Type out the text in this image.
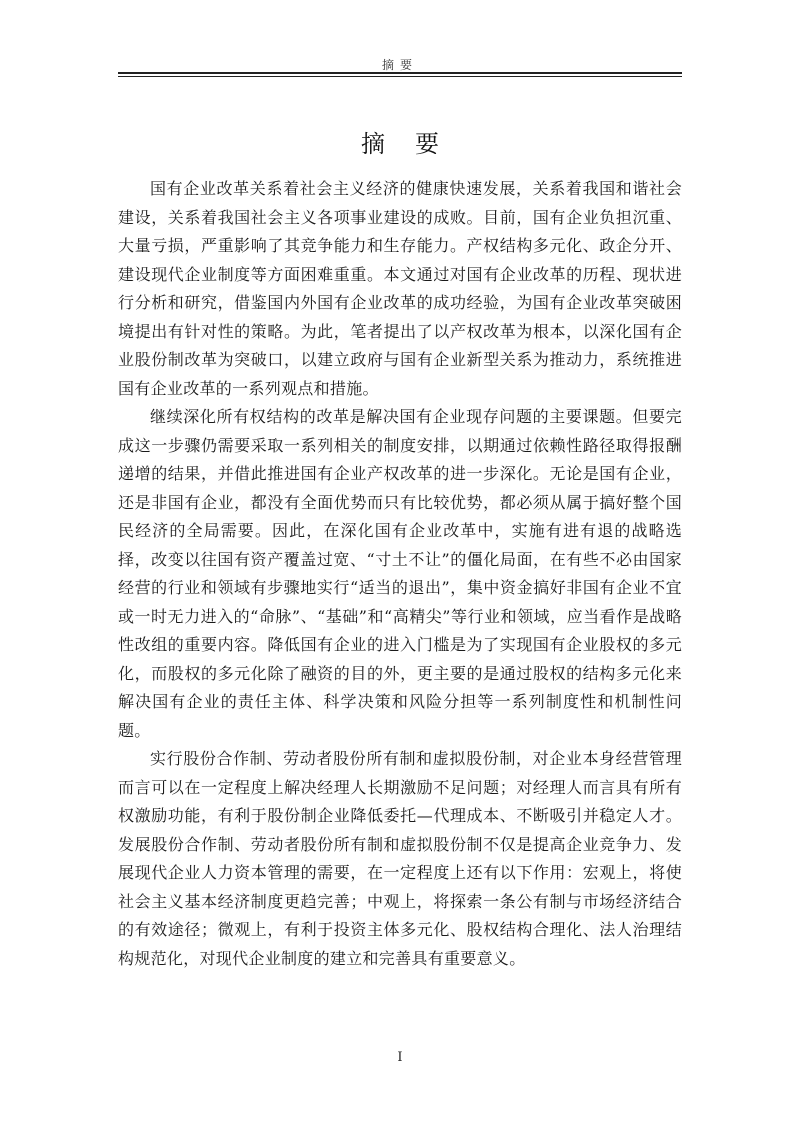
摘要
摘要

国有企业改革关系着社会主义经济的健康快速发展，关系着我国和谐社会建设，关系着我国社会主义各项事业建设的成败。目前，国有企业负担沉重、大量亏损，严重影响了其竞争能力和生存能力。产权结构多元化、政企分开、建设现代企业制度等方面困难重重。本文通过对国有企业改革的历程、现状进行分析和研究，借鉴国内外国有企业改革的成功经验，为国有企业改革突破困境提出有针对性的策略。为此，笔者提出了以产权改革为根本，以深化国有企业股份制改革为突破口，以建立政府与国有企业新型关系为推动力，系统推进国有企业改革的一系列观点和措施。

继续深化所有权结构的改革是解决国有企业现存问题的主要课题。但要完成这一步骤仍需要采取一系列相关的制度安排，以期通过依赖性路径取得报酬递增的结果，并借此推进国有企业产权改革的进一步深化。无论是国有企业，还是非国有企业，都没有全面优势而只有比较优势，都必须从属于搞好整个国民经济的全局需要。因此，在深化国有企业改革中，实施有进有退的战略选择，改变以往国有资产覆盖过宽、“寸土不让”的僵化局面，在有些不必由国家经营的行业和领域有步骤地实行“适当的退出”，集中资金搞好非国有企业不宜或一时无力进入的“命脉”、“基础”和“高精尖”等行业和领域，应当看作是战略性改组的重要内容。降低国有企业的进入门槛是为了实现国有企业股权的多元化，而股权的多元化除了融资的目的外，更主要的是通过股权的结构多元化来解决国有企业的责任主体、科学决策和风险分担等一系列制度性和机制性问题。

实行股份合作制、劳动者股份所有制和虚拟股份制，对企业本身经营管理而言可以在一定程度上解决经理人长期激励不足问题；对经理人而言具有所有权激励功能，有利于股份制企业降低委托—代理成本、不断吸引并稳定人才。发展股份合作制、劳动者股份所有制和虚拟股份制不仅是提高企业竞争力、发展现代企业人力资本管理的需要，在一定程度上还有以下作用：宏观上，将使社会主义基本经济制度更趋完善；中观上，将探索一条公有制与市场经济结合的有效途径；微观上，有利于投资主体多元化、股权结构合理化、法人治理结构规范化，对现代企业制度的建立和完善具有重要意义。

I
